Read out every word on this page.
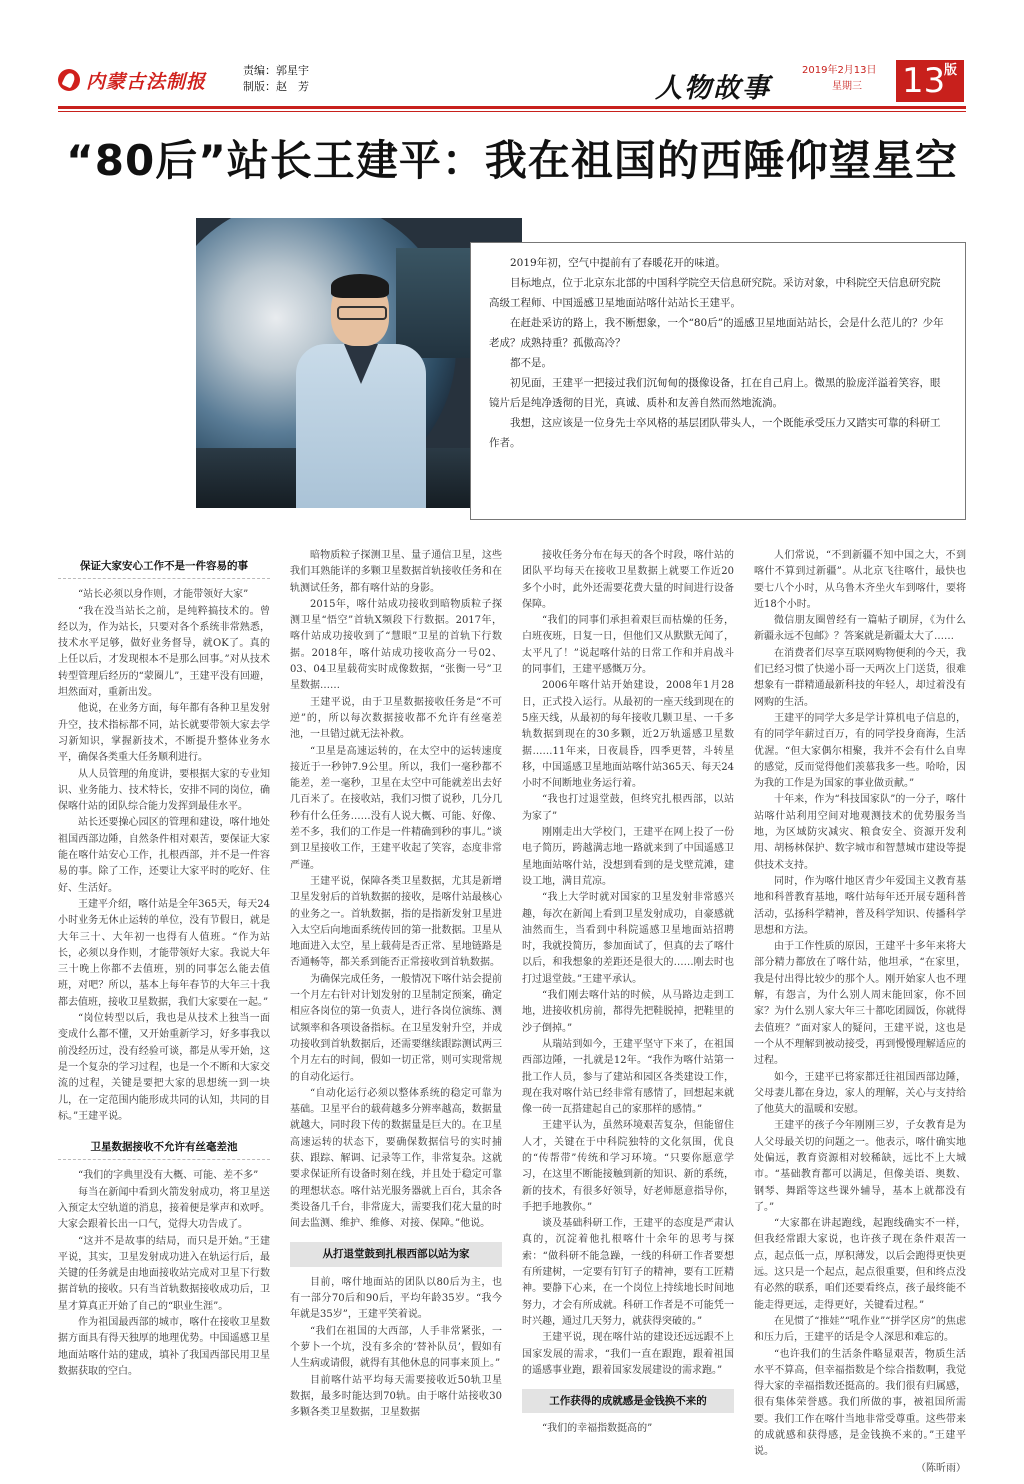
内蒙古法制报	责编：郭星宇
制版：赵　芳	人物故事
2019年2月13日
星期三	13
版
“80后”站长王建平：我在祖国的西陲仰望星空

2019年初，空气中提前有了春暖花开的味道。

目标地点，位于北京东北部的中国科学院空天信息研究院。采访对象，中科院空天信息研究院高级工程师、中国遥感卫星地面站喀什站站长王建平。

在赶赴采访的路上，我不断想象，一个“80后”的遥感卫星地面站站长，会是什么范儿的？少年老成？成熟持重？孤傲高冷？

都不是。

初见面，王建平一把接过我们沉甸甸的摄像设备，扛在自己肩上。微黑的脸庞洋溢着笑容，眼镜片后是纯净透彻的目光，真诚、质朴和友善自然而然地流淌。

我想，这应该是一位身先士卒风格的基层团队带头人，一个既能承受压力又踏实可靠的科研工作者。

保证大家安心工作不是一件容易的事

“站长必须以身作则，才能带领好大家”

“我在没当站长之前，是纯粹搞技术的。曾经以为，作为站长，只要对各个系统非常熟悉，技术水平足够，做好业务督导，就OK了。真的上任以后，才发现根本不是那么回事。”对从技术转型管理后经历的“蒙圈儿”，王建平没有回避，坦然面对，重新出发。

他说，在业务方面，每年都有各种卫星发射升空，技术指标都不同，站长就要带领大家去学习新知识，掌握新技术，不断提升整体业务水平，确保各类重大任务顺利进行。

从人员管理的角度讲，要根据大家的专业知识、业务能力、技术特长，安排不同的岗位，确保喀什站的团队综合能力发挥到最佳水平。

站长还要操心园区的管理和建设，喀什地处祖国西部边陲，自然条件相对艰苦，要保证大家能在喀什站安心工作，扎根西部，并不是一件容易的事。除了工作，还要让大家平时的吃好、住好、生活好。

王建平介绍，喀什站是全年365天，每天24小时业务无休止运转的单位，没有节假日，就是大年三十、大年初一也得有人值班。“作为站长，必须以身作则，才能带领好大家。我说大年三十晚上你都不去值班，别的同事怎么能去值班，对吧？所以，基本上每年春节的大年三十我都去值班，接收卫星数据，我们大家要在一起。”

“岗位转型以后，我也是从技术上独当一面变成什么都不懂，又开始重新学习，好多事我以前没经历过，没有经验可谈，都是从零开始，这是一个复杂的学习过程，也是一个不断和大家交流的过程，关键是要把大家的思想统一到一块儿，在一定范围内能形成共同的认知，共同的目标。”王建平说。

卫星数据接收不允许有丝毫差池

“我们的字典里没有大概、可能、差不多”

每当在新闻中看到火箭发射成功，将卫星送入预定太空轨道的消息，接着便是掌声和欢呼。大家会跟着长出一口气，觉得大功告成了。

“这并不是故事的结局，而只是开始。”王建平说，其实，卫星发射成功进入在轨运行后，最关键的任务就是由地面接收站完成对卫星下行数据首轨的接收。只有当首轨数据接收成功后，卫星才算真正开始了自己的“职业生涯”。

作为祖国最西部的城市，喀什在接收卫星数据方面具有得天独厚的地理优势。中国遥感卫星地面站喀什站的建成，填补了我国西部民用卫星数据获取的空白。

暗物质粒子探测卫星、量子通信卫星，这些我们耳熟能详的多颗卫星数据首轨接收任务和在轨测试任务，都有喀什站的身影。

2015年，喀什站成功接收到暗物质粒子探测卫星“悟空”首轨X频段下行数据。2017年，喀什站成功接收到了“慧眼”卫星的首轨下行数据。2018年，喀什站成功接收高分一号02、03、04卫星载荷实时成像数据，“张衡一号”卫星数据……

王建平说，由于卫星数据接收任务是“不可逆”的，所以每次数据接收都不允许有丝毫差池，一旦错过就无法补救。

“卫星是高速运转的，在太空中的运转速度接近于一秒钟7.9公里。所以，我们一毫秒都不能差，差一毫秒，卫星在太空中可能就差出去好几百米了。在接收站，我们习惯了说秒，几分几秒有什么任务……没有人说大概、可能、好像、差不多，我们的工作是一件精确到秒的事儿。”谈到卫星接收工作，王建平收起了笑容，态度非常严谨。

王建平说，保障各类卫星数据，尤其是新增卫星发射后的首轨数据的接收，是喀什站最核心的业务之一。首轨数据，指的是指新发射卫星进入太空后向地面系统传回的第一批数据。卫星从地面进入太空，星上载荷是否正常、星地链路是否通畅等，都关系到能否正常接收到首轨数据。

为确保完成任务，一般情况下喀什站会提前一个月左右针对计划发射的卫星制定预案，确定相应各岗位的第一负责人，进行各岗位演练、测试频率和各项设备指标。在卫星发射升空，并成功接收到首轨数据后，还需要继续跟踪测试两三个月左右的时间，假如一切正常，则可实现常规的自动化运行。

“自动化运行必须以整体系统的稳定可靠为基础。卫星平台的载荷越多分辨率越高，数据量就越大，同时段下传的数据量是巨大的。在卫星高速运转的状态下，要确保数据信号的实时捕获、跟踪、解调、记录等工作，非常复杂。这就要求保证所有设备时刻在线，并且处于稳定可靠的理想状态。喀什站光服务器就上百台，其余各类设备几千台，非常庞大，需要我们花大量的时间去监测、维护、维修、对接、保障。”他说。

从打退堂鼓到扎根西部以站为家

目前，喀什地面站的团队以80后为主，也有一部分70后和90后，平均年龄35岁。“我今年就是35岁”，王建平笑着说。

“我们在祖国的大西部，人手非常紧张，一个萝卜一个坑，没有多余的‘替补队员’，假如有人生病或请假，就得有其他休息的同事来顶上。”

目前喀什站平均每天需要接收近50轨卫星数据，最多时能达到70轨。由于喀什站接收30多颗各类卫星数据，卫星数据

接收任务分布在每天的各个时段，喀什站的团队平均每天在接收卫星数据上就要工作近20多个小时，此外还需要花费大量的时间进行设备保障。

“我们的同事们承担着艰巨而枯燥的任务，白班夜班，日复一日，但他们又从默默无闻了，太平凡了！”说起喀什站的日常工作和并肩战斗的同事们，王建平感慨万分。

2006年喀什站开始建设，2008年1月28日，正式投入运行。从最初的一座天线到现在的5座天线，从最初的每年接收几颗卫星、一千多轨数据到现在的30多颗，近2万轨遥感卫星数据……11年来，日夜晨昏，四季更替，斗转星移，中国遥感卫星地面站喀什站365天、每天24小时不间断地业务运行着。

“我也打过退堂鼓，但终究扎根西部，以站为家了”

刚刚走出大学校门，王建平在网上投了一份电子简历，跨越满志地一路就来到了中国遥感卫星地面站喀什站，没想到看到的是戈壁荒滩，建设工地，满目荒凉。

“我上大学时就对国家的卫星发射非常感兴趣，每次在新闻上看到卫星发射成功，自豪感就油然而生，当看到中科院遥感卫星地面站招聘时，我就投简历，参加面试了，但真的去了喀什以后，和我想象的差距还是很大的……刚去时也打过退堂鼓。”王建平承认。

“我们刚去喀什站的时候，从马路边走到工地，进接收机房前，都得先把鞋脱掉，把鞋里的沙子倒掉。”

从瑞站到如今，王建平坚守下来了，在祖国西部边陲，一扎就是12年。“我作为喀什站第一批工作人员，参与了建站和园区各类建设工作，现在我对喀什站已经非常有感情了，回想起来就像一砖一瓦搭建起自己的家那样的感情。”

王建平认为，虽然环境艰苦复杂，但能留住人才，关键在于中科院独特的文化氛围，优良的“传帮带”传统和学习环境。“只要你愿意学习，在这里不断能接触到新的知识、新的系统，新的技术，有很多好领导，好老师愿意指导你，手把手地教你。”

谈及基础科研工作，王建平的态度是严肃认真的，沉淀着他扎根喀什十余年的思考与探索：“做科研不能急躁，一线的科研工作者要想有所建树，一定要有钉钉子的精神，要有工匠精神。要静下心来，在一个岗位上持续地长时间地努力，才会有所成就。科研工作者是不可能凭一时兴趣，通过几天努力，就获得突破的。”

王建平说，现在喀什站的建设还远远跟不上国家发展的需求，“我们一直在跟跑，跟着祖国的遥感事业跑，跟着国家发展建设的需求跑。”

工作获得的成就感是金钱换不来的

“我们的幸福指数挺高的”

人们常说，“不到新疆不知中国之大，不到喀什不算到过新疆”。从北京飞往喀什，最快也要七八个小时，从乌鲁木齐坐火车到喀什，要将近18个小时。

微信朋友圈曾经有一篇帖子刷屏，《为什么新疆永远不包邮》？答案就是新疆太大了……

在消费者们尽享互联网购物便利的今天，我们已经习惯了快递小哥一天两次上门送货，很难想象有一群精通最新科技的年轻人，却过着没有网购的生活。

王建平的同学大多是学计算机电子信息的，有的同学年薪过百万，有的同学投身商海，生活优渥。“但大家偶尔相聚，我并不会有什么自卑的感觉，反而觉得他们羡慕我多一些。哈哈，因为我的工作是为国家的事业做贡献。”

十年来，作为“科技国家队”的一分子，喀什站喀什站利用空间对地观测技术的优势服务当地，为区域防灾减灾、粮食安全、资源开发利用、胡杨林保护、数字城市和智慧城市建设等提供技术支持。

同时，作为喀什地区青少年爱国主义教育基地和科普教育基地，喀什站每年还开展专题科普活动，弘扬科学精神，普及科学知识、传播科学思想和方法。

由于工作性质的原因，王建平十多年来将大部分精力都放在了喀什站，他坦承，“在家里，我是付出得比较少的那个人。刚开始家人也不理解，有怨言，为什么别人周末能回家，你不回家？为什么别人家大年三十都吃团圆饭，你就得去值班？”面对家人的疑问，王建平说，这也是一个从不理解到被动接受，再到慢慢理解适应的过程。

如今，王建平已将家都迁往祖国西部边陲，父母妻儿都在身边，家人的理解，关心与支持给了他莫大的温暖和安慰。

王建平的孩子今年刚刚三岁，子女教育是为人父母最关切的问题之一。他表示，喀什确实地处偏远，教育资源相对较稀缺，远比不上大城市。“基础教育都可以满足，但像美语、奥数、钢琴、舞蹈等这些课外辅导，基本上就都没有了。”

“大家都在讲起跑线，起跑线确实不一样，但我经常跟大家说，也许孩子现在条件艰苦一点，起点低一点，厚积薄发，以后会跑得更快更远。这只是一个起点，起点很重要，但和终点没有必然的联系，咱们还要看终点，孩子最终能不能走得更远，走得更好，关键看过程。”

在见惯了“推娃”“吼作业”“拼学区房”的焦虑和压力后，王建平的话是令人深思和难忘的。

“也许我们的生活条件略显艰苦，物质生活水平不算高，但幸福指数是个综合指数啊，我觉得大家的幸福指数还挺高的。我们很有归属感，很有集体荣誉感。我们所做的事，被祖国所需要。我们工作在喀什当地非常受尊重。这些带来的成就感和获得感，是金钱换不来的。”王建平说。

（陈昕雨）
